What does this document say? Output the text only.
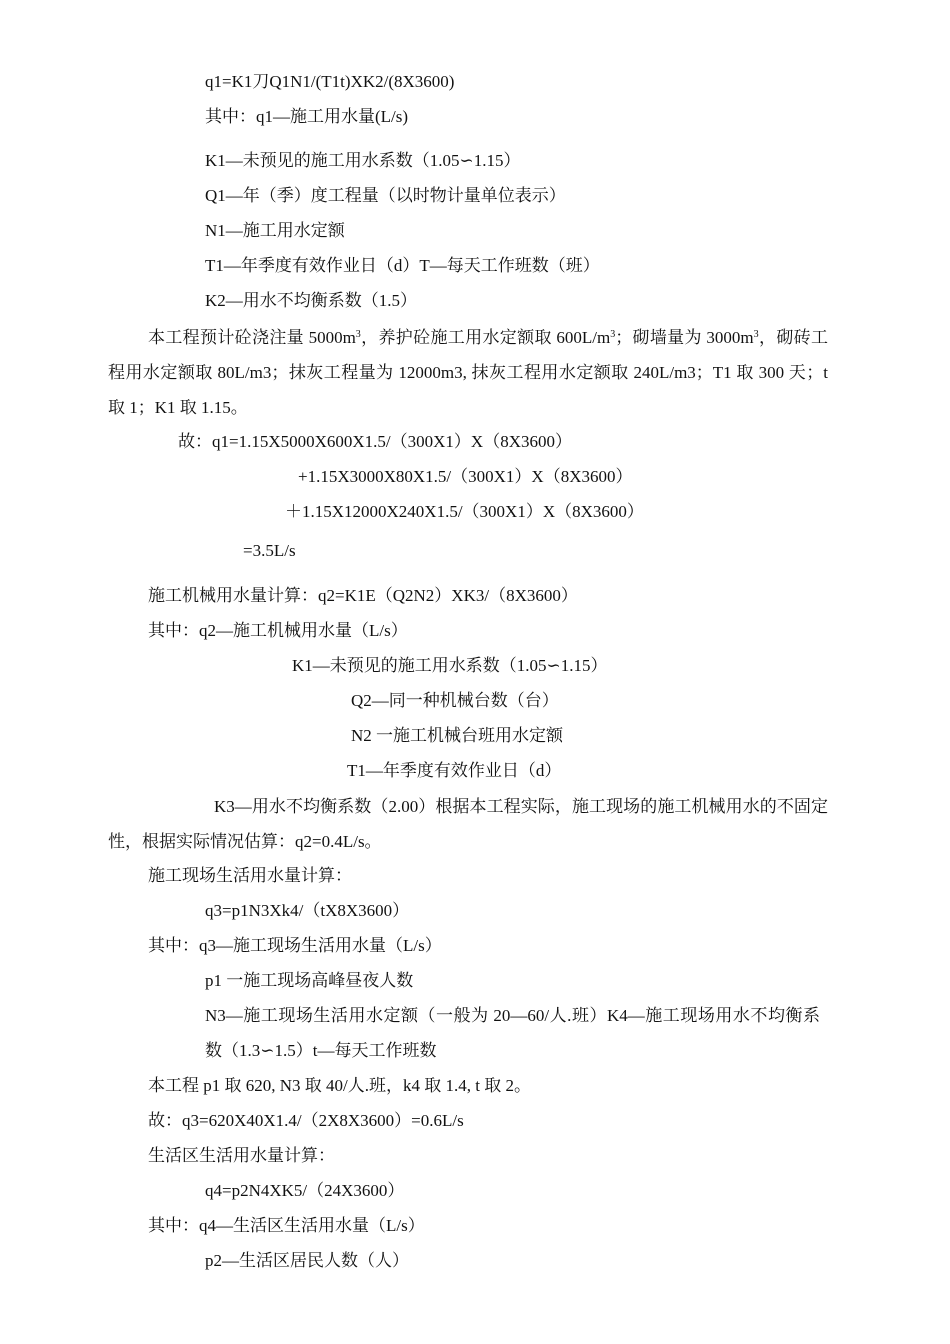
q1=K1刀Q1N1/(T1t)XK2/(8X3600)
其中：q1—施工用水量(L/s)
K1—未预见的施工用水系数（1.05∽1.15）
Q1—年（季）度工程量（以时物计量单位表示）
N1—施工用水定额
T1—年季度有效作业日（d）T—每天工作班数（班）
K2—用水不均衡系数（1.5）
本工程预计砼浇注量 $5000m^3$，养护砼施工用水定额取 $600L/m^3$；砌墙量为 $3000m^3$，砌砖工程用水定额取 80L/m3；抹灰工程量为 12000m3, 抹灰工程用水定额取 240L/m3；T1 取 300 天；t 取 1；K1 取 1.15。
故：q1=1.15X5000X600X1.5/（300X1）X（8X3600）
+1.15X3000X80X1.5/（300X1）X（8X3600）
＋1.15X12000X240X1.5/（300X1）X（8X3600）
=3.5L/s
施工机械用水量计算：q2=K1E（Q2N2）XK3/（8X3600）
其中：q2—施工机械用水量（L/s）
K1—未预见的施工用水系数（1.05∽1.15）
Q2—同一种机械台数（台）
N2 一施工机械台班用水定额
T1—年季度有效作业日（d）
K3—用水不均衡系数（2.00）根据本工程实际，施工现场的施工机械用水的不固定性，根据实际情况估算：q2=0.4L/s。
施工现场生活用水量计算：
q3=p1N3Xk4/（tX8X3600）
其中：q3—施工现场生活用水量（L/s）
p1 一施工现场高峰昼夜人数
N3—施工现场生活用水定额（一般为 20—60/人.班）K4—施工现场用水不均衡系数（1.3∽1.5）t—每天工作班数
本工程 p1 取 620, N3 取 40/人.班，k4 取 1.4, t 取 2。
故：q3=620X40X1.4/（2X8X3600）=0.6L/s
生活区生活用水量计算：
q4=p2N4XK5/（24X3600）
其中：q4—生活区生活用水量（L/s）
p2—生活区居民人数（人）
